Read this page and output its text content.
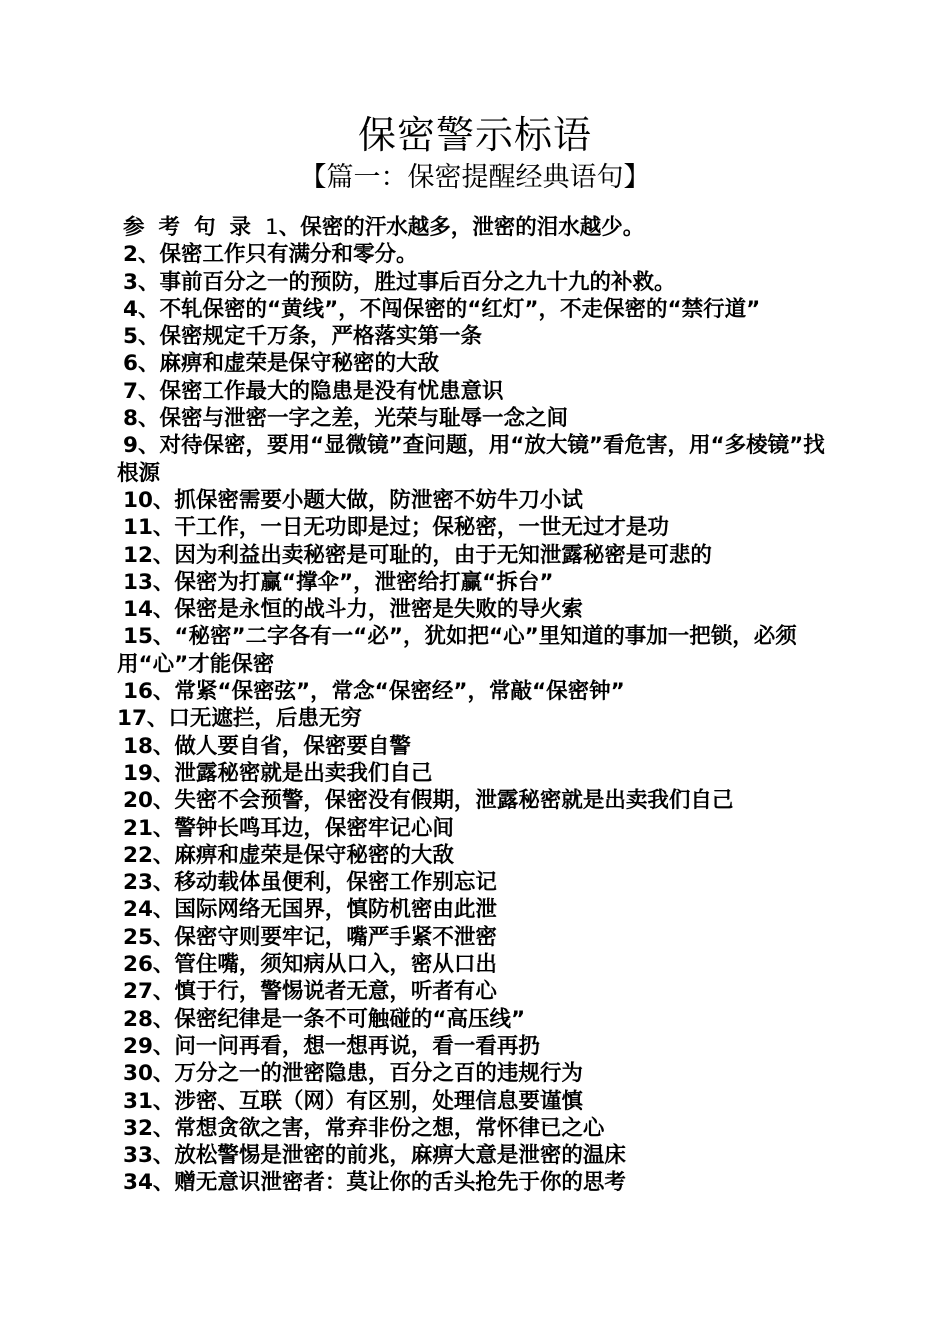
保密警示标语
【篇一：保密提醒经典语句】
参考句录1、保密的汗水越多，泄密的泪水越少。
2、保密工作只有满分和零分。
3、事前百分之一的预防，胜过事后百分之九十九的补救。
4、不轧保密的“黄线”，不闯保密的“红灯”，不走保密的“禁行道”
5、保密规定千万条，严格落实第一条
6、麻痹和虚荣是保守秘密的大敌
7、保密工作最大的隐患是没有忧患意识
8、保密与泄密一字之差，光荣与耻辱一念之间
9、对待保密，要用“显微镜”查问题，用“放大镜”看危害，用“多棱镜”找根源
10、抓保密需要小题大做，防泄密不妨牛刀小试
11、干工作，一日无功即是过；保秘密，一世无过才是功
12、因为利益出卖秘密是可耻的，由于无知泄露秘密是可悲的
13、保密为打赢“撑伞”，泄密给打赢“拆台”
14、保密是永恒的战斗力，泄密是失败的导火索
15、“秘密”二字各有一“必”，犹如把“心”里知道的事加一把锁，必须用“心”才能保密
16、常紧“保密弦”，常念“保密经”，常敲“保密钟”
17、口无遮拦，后患无穷
18、做人要自省，保密要自警
19、泄露秘密就是出卖我们自己
20、失密不会预警，保密没有假期，泄露秘密就是出卖我们自己
21、警钟长鸣耳边，保密牢记心间
22、麻痹和虚荣是保守秘密的大敌
23、移动载体虽便利，保密工作别忘记
24、国际网络无国界，慎防机密由此泄
25、保密守则要牢记，嘴严手紧不泄密
26、管住嘴，须知病从口入，密从口出
27、慎于行，警惕说者无意，听者有心
28、保密纪律是一条不可触碰的“高压线”
29、问一问再看，想一想再说，看一看再扔
30、万分之一的泄密隐患，百分之百的违规行为
31、涉密、互联（网）有区别，处理信息要谨慎
32、常想贪欲之害，常弃非份之想，常怀律已之心
33、放松警惕是泄密的前兆，麻痹大意是泄密的温床
34、赠无意识泄密者：莫让你的舌头抢先于你的思考
